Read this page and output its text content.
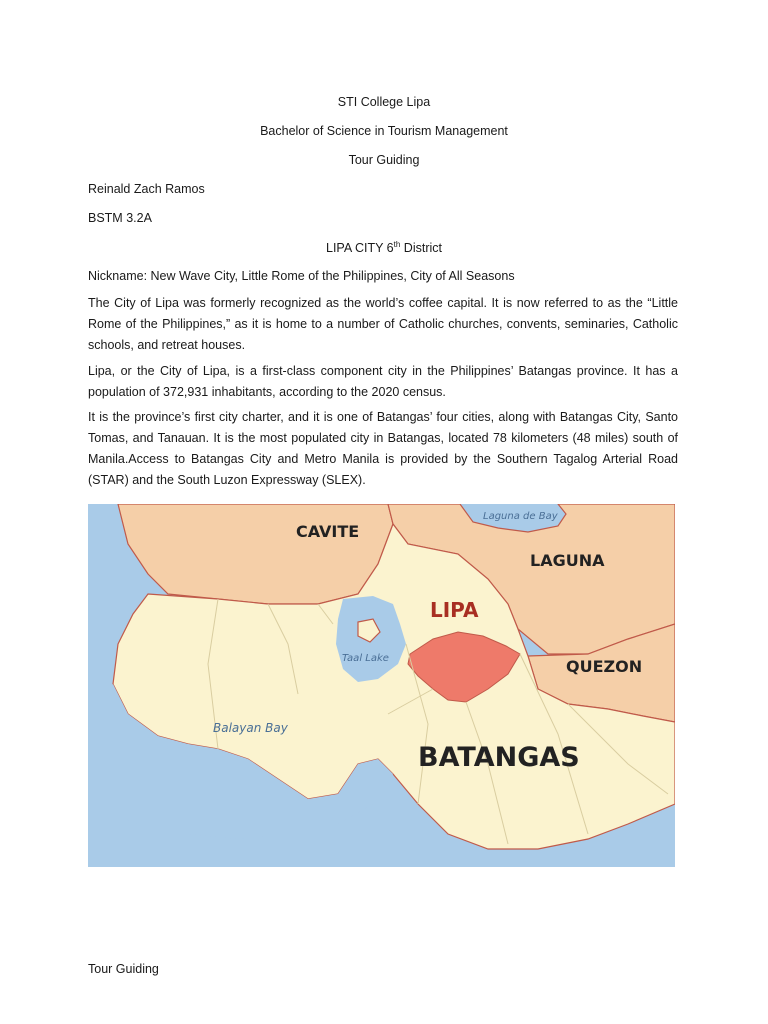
STI College Lipa
Bachelor of Science in Tourism Management
Tour Guiding
Reinald Zach Ramos
BSTM 3.2A
LIPA CITY 6th District
Nickname: New Wave City, Little Rome of the Philippines, City of All Seasons

The City of Lipa was formerly recognized as the world’s coffee capital. It is now referred to as the “Little Rome of the Philippines,” as it is home to a number of Catholic churches, convents, seminaries, Catholic schools, and retreat houses.

Lipa, or the City of Lipa, is a first-class component city in the Philippines’ Batangas province. It has a population of 372,931 inhabitants, according to the 2020 census.

It is the province’s first city charter, and it is one of Batangas’ four cities, along with Batangas City, Santo Tomas, and Tanauan. It is the most populated city in Batangas, located 78 kilometers (48 miles) south of Manila.Access to Batangas City and Metro Manila is provided by the Southern Tagalog Arterial Road (STAR) and the South Luzon Expressway (SLEX).

CAVITE
LAGUNA
LIPA
QUEZON
BATANGAS
Taal Lake
Balayan Bay
Laguna de Bay
Tour Guiding
